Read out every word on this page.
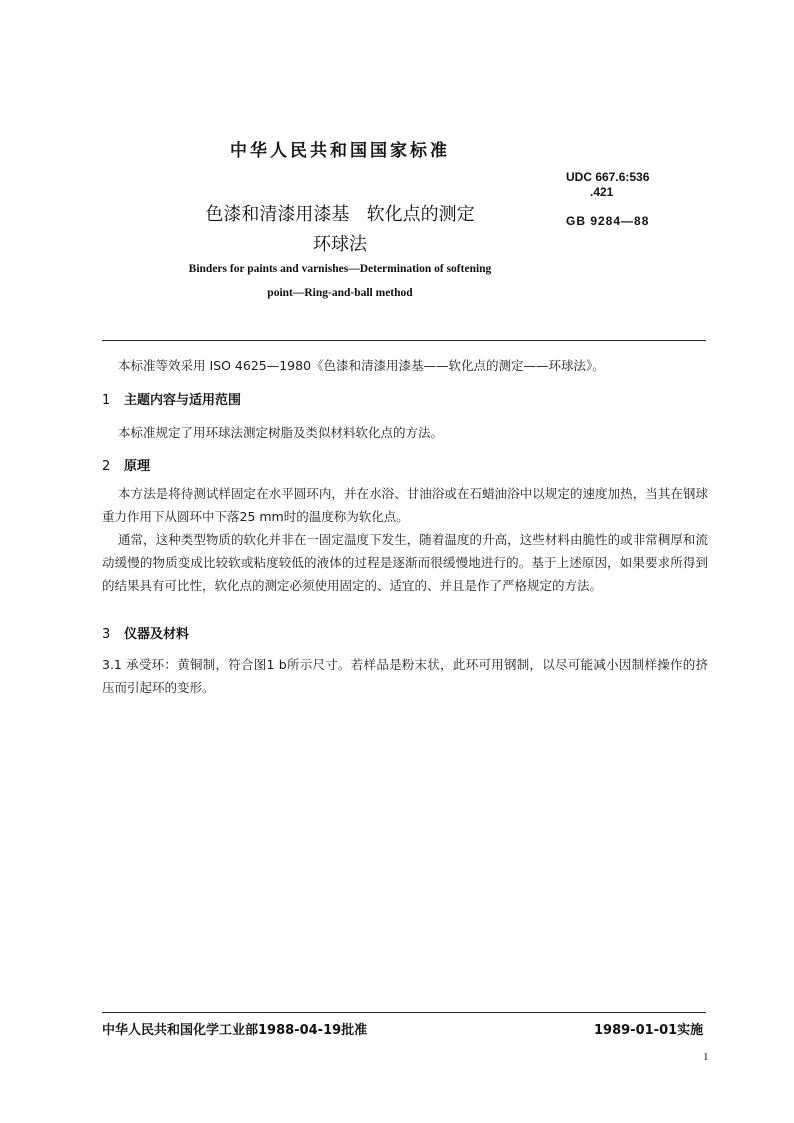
中华人民共和国国家标准
UDC 667.6:536
.421
GB 9284—88
色漆和清漆用漆基   软化点的测定
环球法
Binders for paints and varnishes—Determination of softening
point—Ring-and-ball method
本标准等效采用 ISO 4625—1980《色漆和清漆用漆基——软化点的测定——环球法》。
1 主题内容与适用范围
本标准规定了用环球法测定树脂及类似材料软化点的方法。
2 原理
本方法是将待测试样固定在水平圆环内，并在水浴、甘油浴或在石蜡油浴中以规定的速度加热，当其在钢球重力作用下从圆环中下落25 mm时的温度称为软化点。
通常，这种类型物质的软化并非在一固定温度下发生，随着温度的升高，这些材料由脆性的或非常稠厚和流动缓慢的物质变成比较软或粘度较低的液体的过程是逐渐而很缓慢地进行的。基于上述原因，如果要求所得到的结果具有可比性，软化点的测定必须使用固定的、适宜的、并且是作了严格规定的方法。
3 仪器及材料
3.1 承受环：黄铜制，符合图1 b所示尺寸。若样品是粉末状，此环可用钢制，以尽可能减小因制样操作的挤压而引起环的变形。
中华人民共和国化学工业部1988-04-19批准	1989-01-01实施
1
